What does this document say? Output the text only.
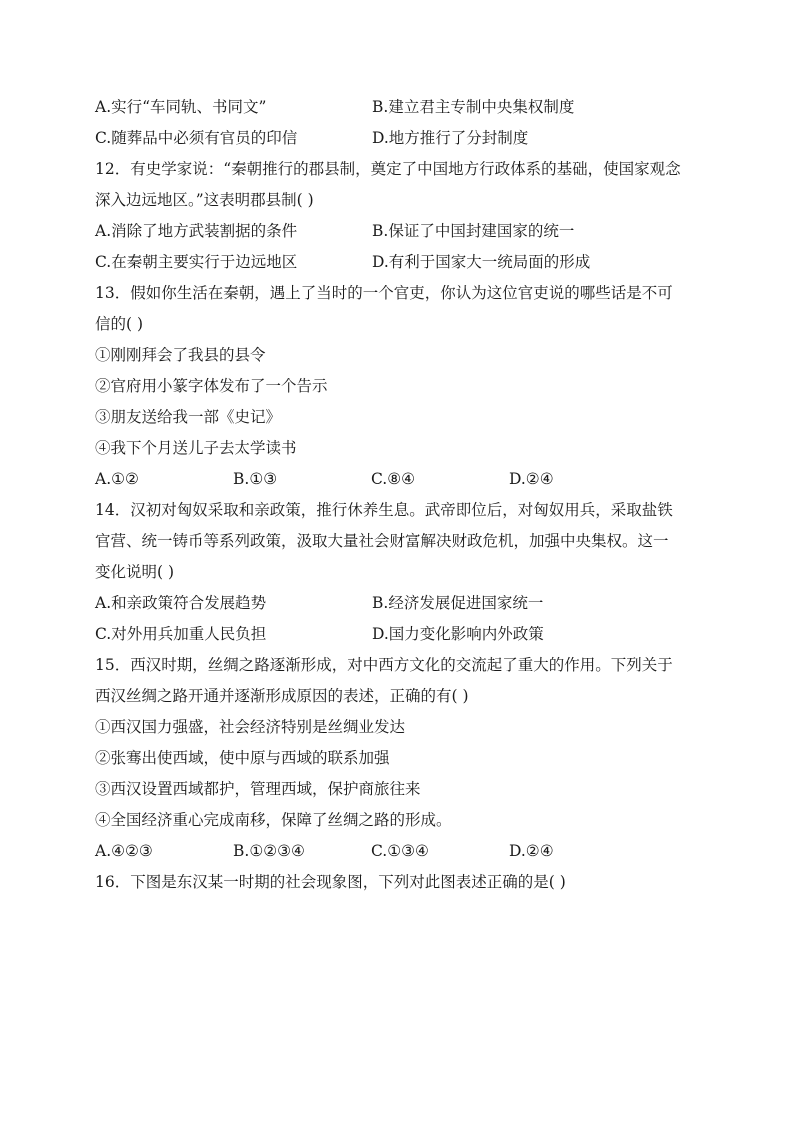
A.实行“车同轨、书同文”	B.建立君主专制中央集权制度
C.随葬品中必须有官员的印信	D.地方推行了分封制度
12．有史学家说：“秦朝推行的郡县制，奠定了中国地方行政体系的基础，使国家观念
深入边远地区。”这表明郡县制( )
A.消除了地方武装割据的条件	B.保证了中国封建国家的统一
C.在秦朝主要实行于边远地区	D.有利于国家大一统局面的形成
13．假如你生活在秦朝，遇上了当时的一个官吏，你认为这位官吏说的哪些话是不可
信的( )
①刚刚拜会了我县的县令
②官府用小篆字体发布了一个告示
③朋友送给我一部《史记》
④我下个月送儿子去太学读书
A.①②	B.①③	C.⑧④	D.②④
14．汉初对匈奴采取和亲政策，推行休养生息。武帝即位后，对匈奴用兵，采取盐铁
官营、统一铸币等系列政策，汲取大量社会财富解决财政危机，加强中央集权。这一
变化说明( )
A.和亲政策符合发展趋势	B.经济发展促进国家统一
C.对外用兵加重人民负担	D.国力变化影响内外政策
15．西汉时期，丝绸之路逐渐形成，对中西方文化的交流起了重大的作用。下列关于
西汉丝绸之路开通并逐渐形成原因的表述，正确的有( )
①西汉国力强盛，社会经济特别是丝绸业发达
②张骞出使西域，使中原与西域的联系加强
③西汉设置西域都护，管理西域，保护商旅往来
④全国经济重心完成南移，保障了丝绸之路的形成。
A.④②③	B.①②③④	C.①③④	D.②④
16．下图是东汉某一时期的社会现象图，下列对此图表述正确的是( )
